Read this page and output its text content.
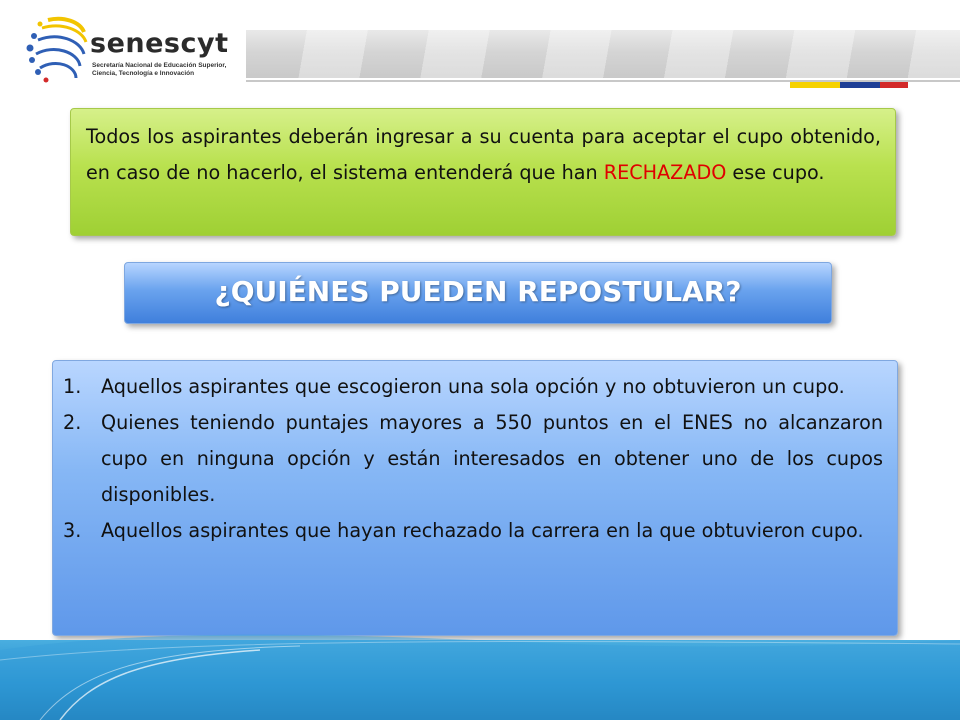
senescyt
Secretaría Nacional de Educación Superior, Ciencia, Tecnología e Innovación

Todos los aspirantes deberán ingresar a su cuenta para aceptar el cupo obtenido, en caso de no hacerlo, el sistema entenderá que han RECHAZADO ese cupo.

¿QUIÉNES PUEDEN REPOSTULAR?
1. Aquellos aspirantes que escogieron una sola opción y no obtuvieron un cupo.
2. Quienes teniendo puntajes mayores a 550 puntos en el ENES no alcanzaron cupo en ninguna opción y están interesados en obtener uno de los cupos disponibles.
3. Aquellos aspirantes que hayan rechazado la carrera en la que obtuvieron cupo.
